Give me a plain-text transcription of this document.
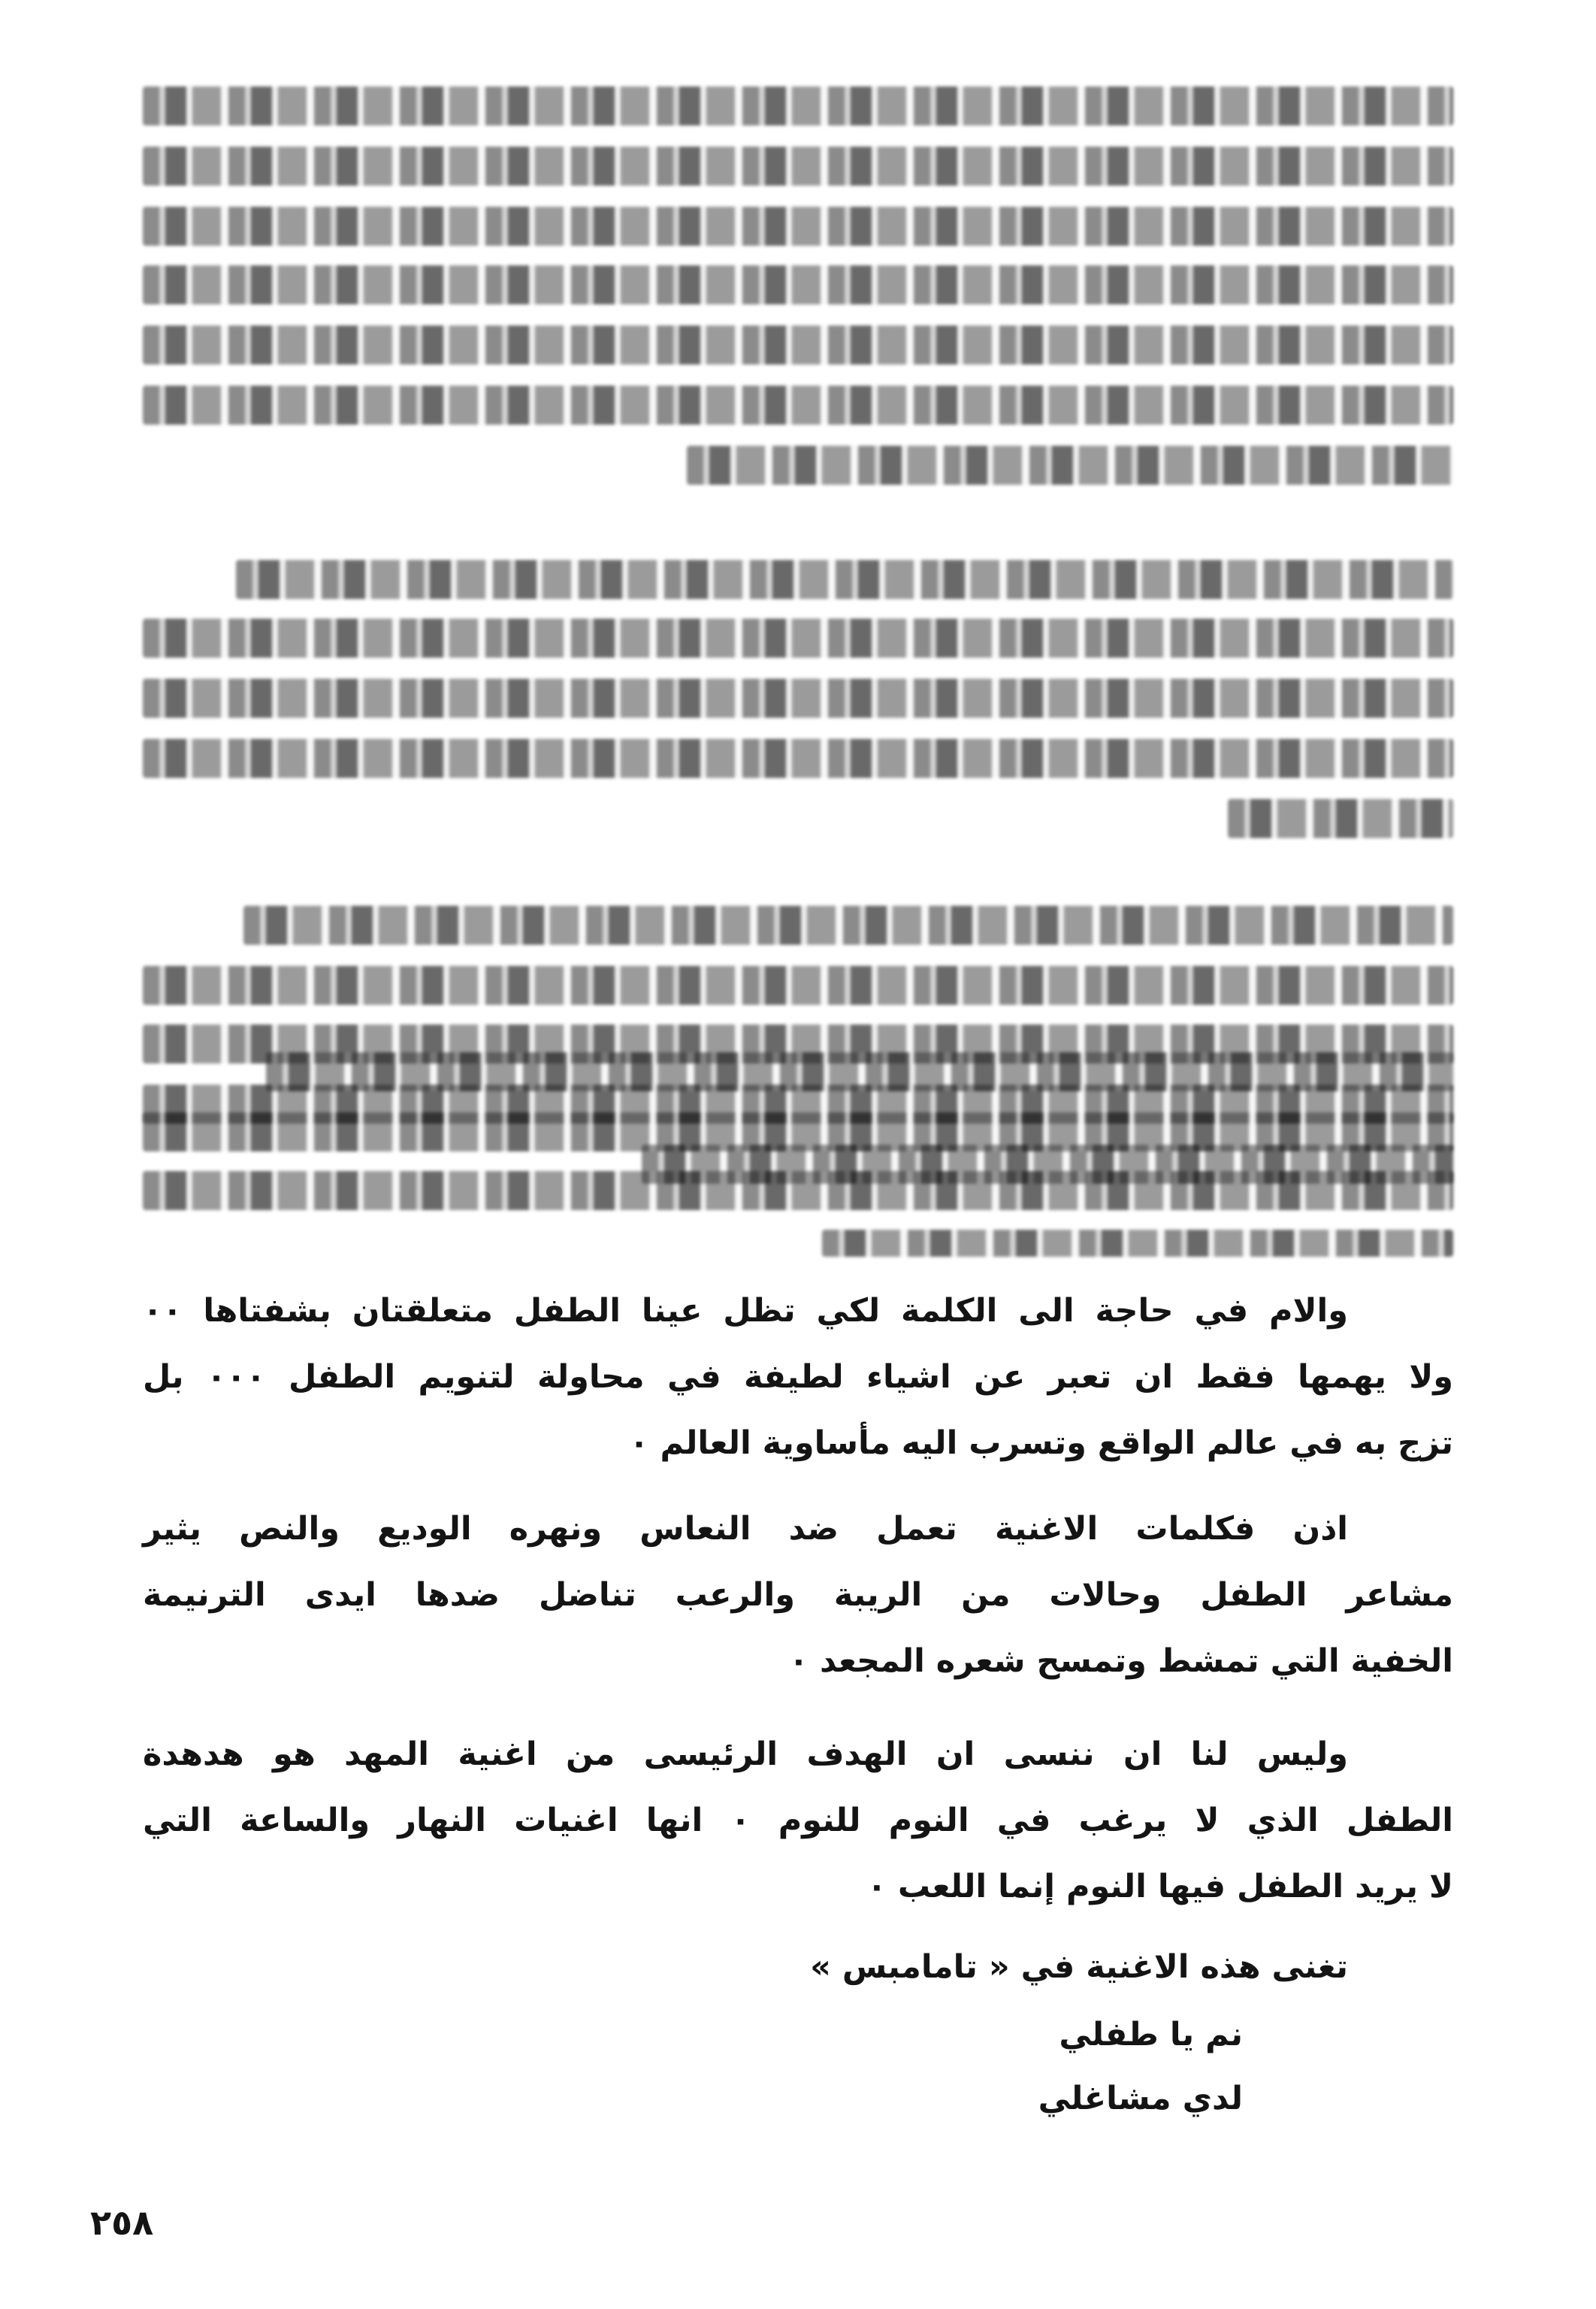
والام في حاجة الى الكلمة لكي تظل عينا الطفل متعلقتان بشفتاها ٠٠
ولا يهمها فقط ان تعبر عن اشياء لطيفة في محاولة لتنويم الطفل ٠٠٠ بل
تزج به في عالم الواقع وتسرب اليه مأساوية العالم ٠
اذن فكلمات الاغنية تعمل ضد النعاس ونهره الوديع والنص يثير
مشاعر الطفل وحالات من الريبة والرعب تناضل ضدها ايدى الترنيمة
الخفية التي تمشط وتمسح شعره المجعد ٠
وليس لنا ان ننسى ان الهدف الرئيسى من اغنية المهد هو هدهدة
الطفل الذي لا يرغب في النوم للنوم ٠ انها اغنيات النهار والساعة التي
لا يريد الطفل فيها النوم إنما اللعب ٠
تغنى هذه الاغنية في « تامامبس »
نم يا طفلي
لدي مشاغلي
٢٥٨
